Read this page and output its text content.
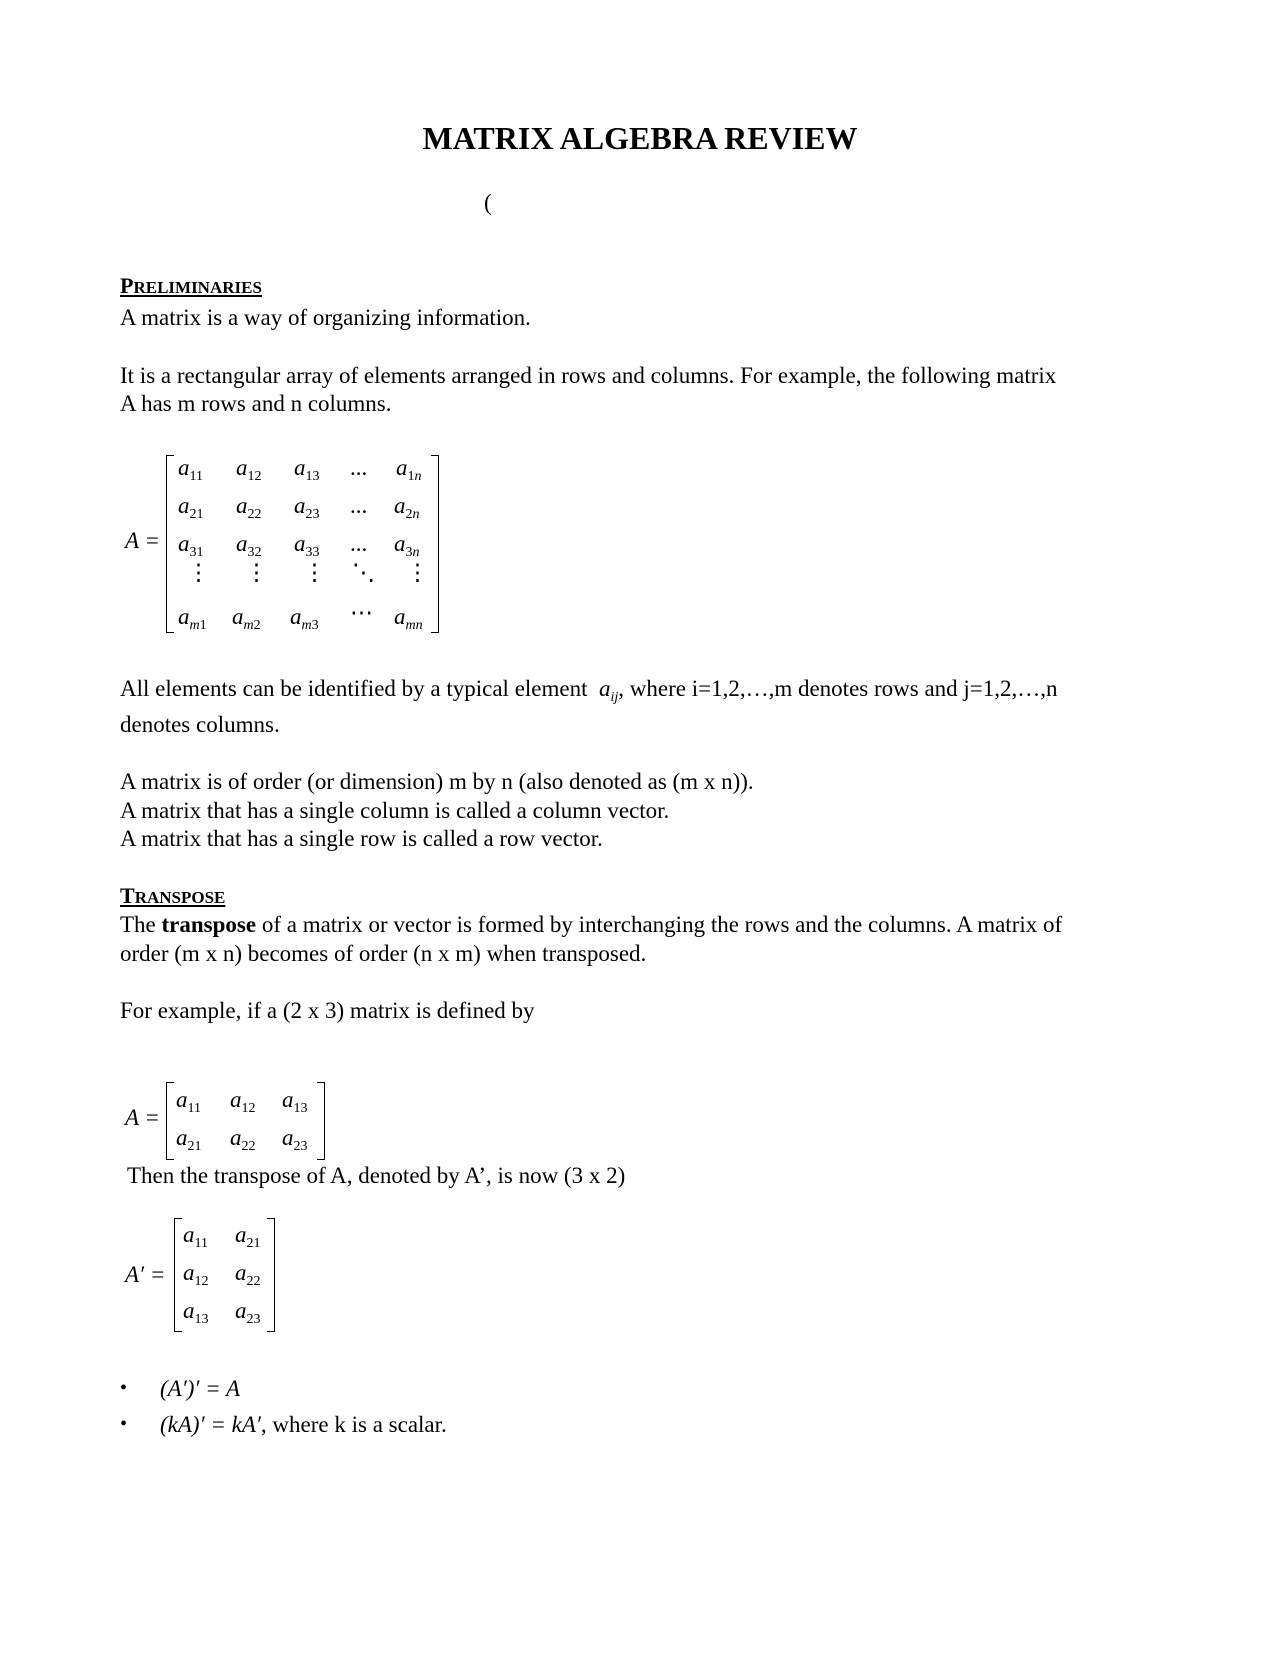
MATRIX ALGEBRA REVIEW
(
PRELIMINARIES
A matrix is a way of organizing information.
It is a rectangular array of elements arranged in rows and columns. For example, the following matrix
A has m rows and n columns.
A =
$a_{11}$ $a_{12}$ $a_{13}$ ... $a_{1n}$
$a_{21}$ $a_{22}$ $a_{23}$ ... $a_{2n}$
$a_{31}$ $a_{32}$ $a_{33}$ ... $a_{3n}$
⋮ ⋮ ⋮ ⋱ ⋮
$a_{m1}$ $a_{m2}$ $a_{m3}$
⋯ $a_{mn}$
All elements can be identified by a typical element $a_{ij}$, where i=1,2,…,m denotes rows and j=1,2,…,n
denotes columns.
A matrix is of order (or dimension) m by n (also denoted as (m x n)).
A matrix that has a single column is called a column vector.
A matrix that has a single row is called a row vector.
TRANSPOSE
The transpose of a matrix or vector is formed by interchanging the rows and the columns. A matrix of
order (m x n) becomes of order (n x m) when transposed.
For example, if a (2 x 3) matrix is defined by
A =
$a_{11}$ $a_{12}$ $a_{13}$
$a_{21}$ $a_{22}$ $a_{23}$
Then the transpose of A, denoted by A’, is now (3 x 2)
A′ =
$a_{11}$ $a_{21}$
$a_{12}$ $a_{22}$
$a_{13}$ $a_{23}$
• (A′)′ = A
• (kA)′ = kA′, where k is a scalar.
